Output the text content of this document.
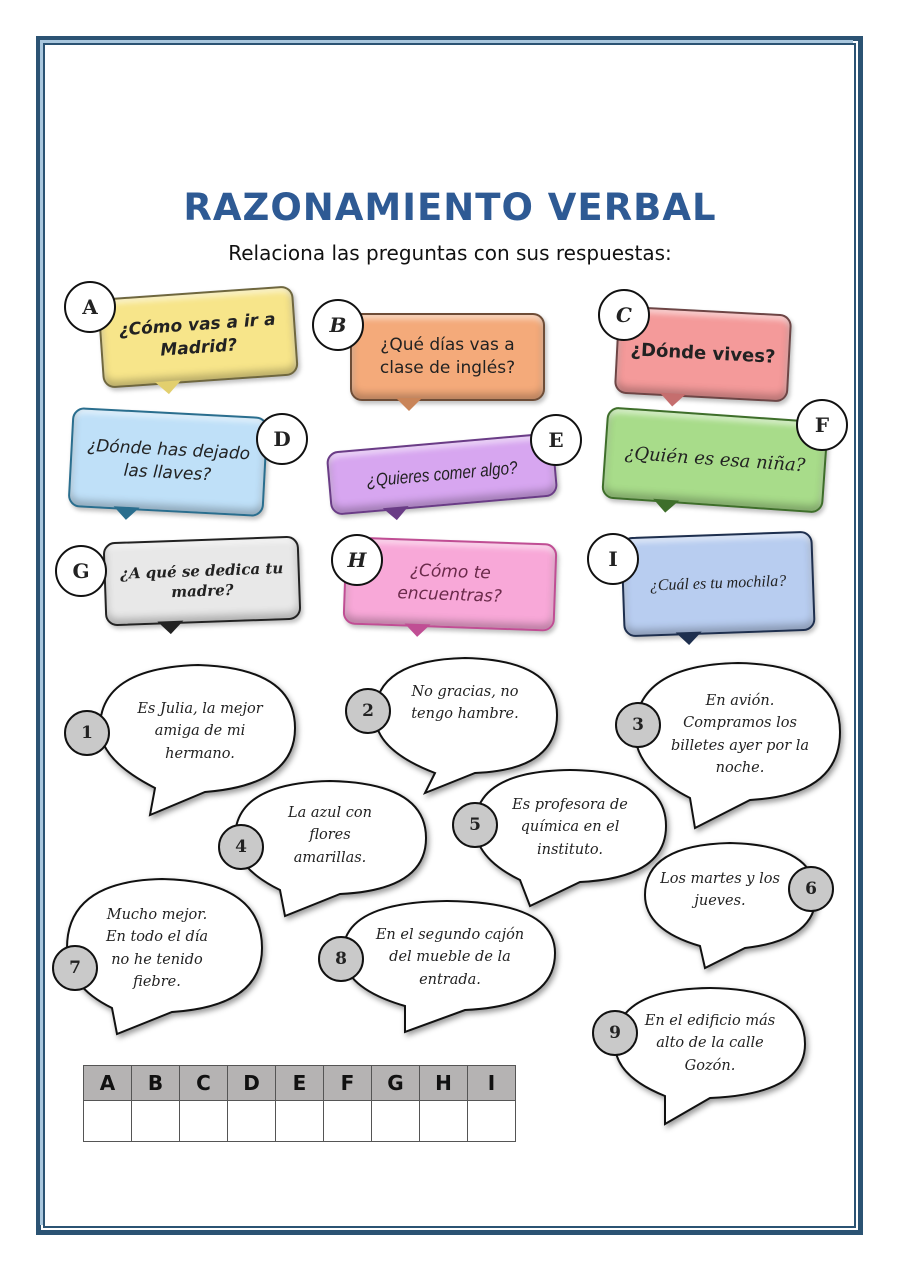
RAZONAMIENTO VERBAL
Relaciona las preguntas con sus respuestas:
¿Cómo vas a ir a Madrid?
A
¿Qué días vas a clase de inglés?
B
¿Dónde vives?
C
¿Dónde has dejado las llaves?
D
¿Quieres comer algo?
E
¿Quién es esa niña?
F
¿A qué se dedica tu madre?
G	¿Cómo te encuentras?
H
¿Cuál es tu mochila?
I
Es Julia, la mejor amiga de mi hermano.
1
No gracias, no tengo hambre.
2	En avión. Compramos los billetes ayer por la noche.
3
La azul con flores amarillas.
4
Es profesora de química en el instituto.
5
Los martes y los jueves.
6
Mucho mejor. En todo el día no he tenido fiebre.
7
En el segundo cajón del mueble de la entrada.
8
En el edificio más alto de la calle Gozón.
9
A	B	C	D	E	F	G	H	I
